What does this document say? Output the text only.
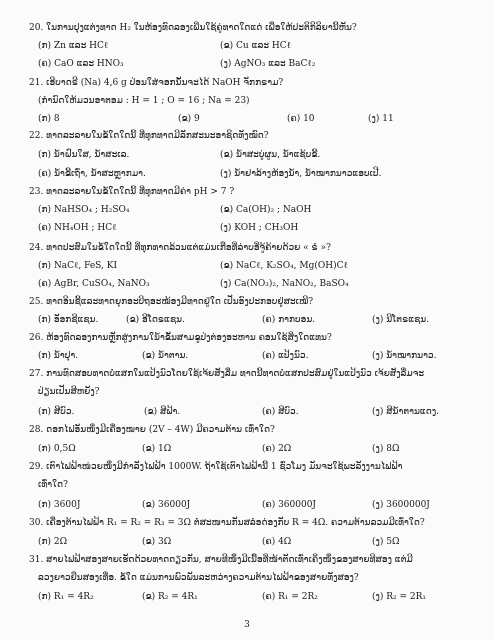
20. ໃນການປຸງແຕ່ງທາດ H₂ ໃນຫ້ອງທົດລອງເພີ່ນໃຊ້ຄູ່ທາດໃດແດ່ ເພື່ອໃຫ້ປະຕິກິລິຍານີ້ຫັນ?
(ກ) Zn ແລະ HCℓ	(ຂ) Cu ແລະ HCℓ
(ຄ) CaO ແລະ HNO₃	(ງ) AgNO₃ ແລະ BaCℓ₂
21. ເອີບາດຣີ (Na) 4,6 g ປ່ອນໃສ່ຈອກນັ້ນຈະໄດ້ NaOH ຈັກກຣາມ?
(ກໍານົດໃຫ້ມວນອາຕອມ : H = 1 ; O = 16 ; Na = 23)
(ກ) 8	(ຂ) 9	(ຄ) 10	(ງ) 11
22. ທາດລະລາຍໃນຂໍ້ໃດໃດນີ້ ທີ່ທຸກທາດມີລັກສະນະອາຊິດທັງໝົດ?
(ກ) ນໍ້າຝົນໃສ, ນໍ້າສະເລ.	(ຂ) ນໍ້າສະບູ່ຜູນ, ນໍ້າແຊ້ບຂີ້.
(ຄ) ນໍ້າຂີ້ເຖົ່າ, ນໍ້າສະຫຼາກມາ.	(ງ) ນໍ້າຢາລ້າງຫ້ອງນໍ້າ, ນໍ້າໝາກນາວແອບເປີ.
23. ທາດລະລາຍໃນຂໍ້ໃດໃດນີ້ ທີ່ທຸກທາດມີຄ່າ pH > 7 ?
(ກ) NaHSO₄ ; H₂SO₄	(ຂ) Ca(OH)₂ ; NaOH
(ຄ) NH₄OH ; HCℓ	(ງ) KOH ; CH₃OH
24. ທາດປະສົມໃນຂໍ້ໃດໃດນີ້ ທີ່ທຸກທາດລ້ວນແຕ່ແມ່ນເກືອທີ່ລ່າບອີ່ຈູ້ຄ້າຍດ້ວຍ « ຣໍ »?
(ກ) NaCℓ, FeS, KI	(ຂ) NaCℓ, K₂SO₄, Mg(OH)Cℓ
(ຄ) AgBr, CuSO₄, NaNO₃	(ງ) Ca(NO₃)₂, NaNO₂, BaSO₄
25. ທາດອິນຊີ້ແລະທາດຍຸກອະບີຖອະໝ້ອງມີທາດຢູ່ໃດ ເປັນອົງປະກອບຢູ່ສະເໝີ?
(ກ) ອັອກຊີແຊນ.	(ຂ) ອີໂດຣແຊນ.	(ຄ) ກາກບອນ.	(ງ) ນີໂຕຣແຊນ.
26. ຫ້ອງທົດລອງການຫຼັກສູ່ງການໃນ້ຳຂັ້ນສາມຂູປ່ງຕ່ອງອະຫານ ຄອນໃຊ້ສິ່ງໃດແທນ?
(ກ) ນໍ້າປຸາ.	(ຂ) ນໍ້າຕານ.	(ຄ) ແປ້ງນົວ.	(ງ) ນໍ້າໝາກນາວ.
27. ການທົດສອບທາດບໍ່ແສກໃນແປ້ງນົວໂດຍໃຊ້ເຈ້ຍສັງລື່ມ ທາດນີ້ທາດບໍ່ແສກປະສົມຢູ່ໃນແປ້ງນົວ ເຈ້ຍສັງລື່ມຈະ
ປ່ຽນເປັນສີຫຍັງ?
(ກ) ສີບົວ.	(ຂ) ສີຟ້າ.	(ຄ) ສີບົວ.	(ງ) ສີນໍ້າຕານແດງ.
28. ດອກໄຟອັນໜຶ່ງມີເຄື່ອງໝາຍ (2V – 4W) ມີຄວາມຕ້ານ ເທົ່າໃດ?
(ກ) 0,5Ω	(ຂ) 1Ω	(ຄ) 2Ω	(ງ) 8Ω
29. ເຕົາໄຟຟ້າໜ່ວຍໜຶ່ງມີກຳລັງໄຟຟ້າ 1000W. ຖ້າໃຊ້ເຕົາໄຟຟ້ານີ້ 1 ຊົ່ວໂມງ ມັນຈະໃຊ້ພະລັງງານໄຟຟ້າ
ເທົ່າໃດ?
(ກ) 3600J	(ຂ) 36000J	(ຄ) 360000J	(ງ) 3600000J
30. ເຄື່ອງຕ້ານໄຟຟ້າ R₁ = R₂ = R₃ = 3Ω ຕໍ່ສະໜານກັນສລໍອດ່ອງກັບ R = 4Ω. ຄວາມຕ້ານລວມມີເທົ່າໃດ?
(ກ) 2Ω	(ຂ) 3Ω	(ຄ) 4Ω	(ງ) 5Ω
31. ສາຍໄຟຟ້າສອງສາຍເຮັດດ້ວຍທາດດຽວກັນ, ສາຍທີໜຶ່ງມີເນື້ອທີ່ໜ້າຕັດເທົ່າເຄິ່ງໜຶ່ງຂອງສາຍທີສອງ ແຕ່ມີ
ລວງຍາວຍືນສອງເທື່ອ. ຂໍ້ໃດ ແມ່ນການພົວພັນລະຫວ່າງຄວາມຕ້ານໄຟຟ້າຂອງສາຍທັງສອງ?
(ກ) R₁ = 4R₂	(ຂ) R₂ = 4R₁	(ຄ) R₁ = 2R₂	(ງ) R₂ = 2R₁
3
